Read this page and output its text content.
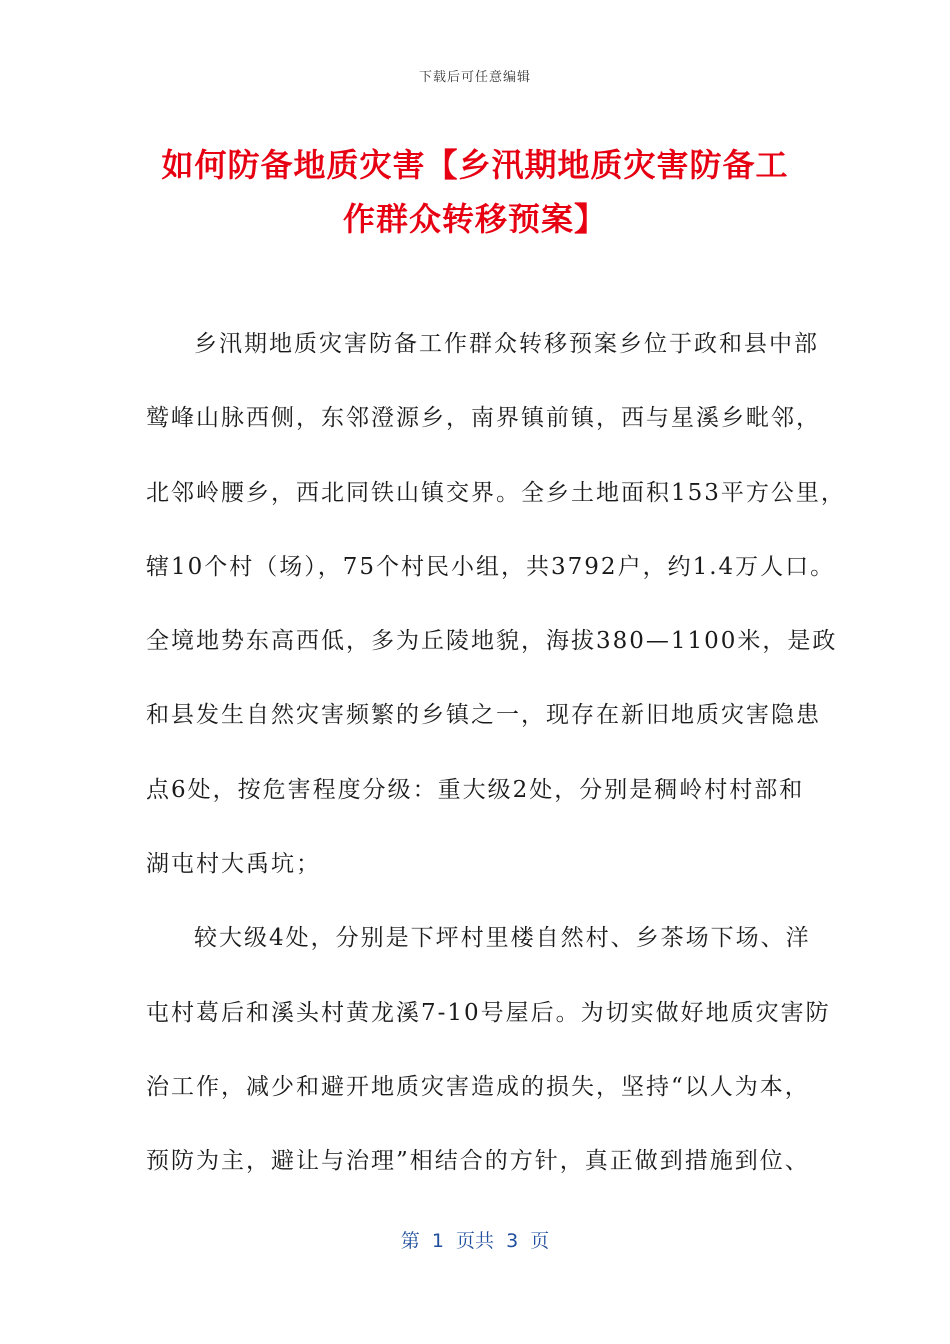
下载后可任意编辑
如何防备地质灾害【乡汛期地质灾害防备工
作群众转移预案】
乡汛期地质灾害防备工作群众转移预案乡位于政和县中部
鹫峰山脉西侧，东邻澄源乡，南界镇前镇，西与星溪乡毗邻，
北邻岭腰乡，西北同铁山镇交界。全乡土地面积153平方公里，
辖10个村（场），75个村民小组，共3792户，约1.4万人口。
全境地势东高西低，多为丘陵地貌，海拔380—1100米，是政
和县发生自然灾害频繁的乡镇之一，现存在新旧地质灾害隐患
点6处，按危害程度分级：重大级2处，分别是稠岭村村部和
湖屯村大禹坑；
较大级4处，分别是下坪村里楼自然村、乡茶场下场、洋
屯村葛后和溪头村黄龙溪7-10号屋后。为切实做好地质灾害防
治工作，减少和避开地质灾害造成的损失，坚持“以人为本，
预防为主，避让与治理”相结合的方针，真正做到措施到位、
第  1  页共  3  页
